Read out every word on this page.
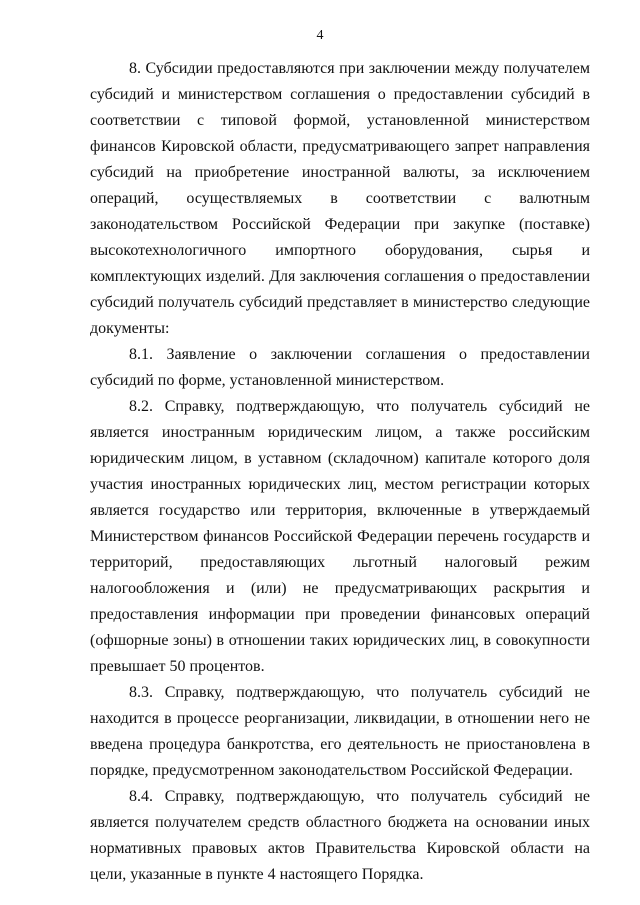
4

8. Субсидии предоставляются при заключении между получателем субсидий и министерством соглашения о предоставлении субсидий в соответствии с типовой формой, установленной министерством финансов Кировской области, предусматривающего запрет направления субсидий на приобретение иностранной валюты, за исключением операций, осуществляемых в соответствии с валютным законодательством Российской Федерации при закупке (поставке) высокотехнологичного импортного оборудования, сырья и комплектующих изделий. Для заключения соглашения о предоставлении субсидий получатель субсидий представляет в министерство следующие документы:

8.1. Заявление о заключении соглашения о предоставлении субсидий по форме, установленной министерством.

8.2. Справку, подтверждающую, что получатель субсидий не является иностранным юридическим лицом, а также российским юридическим лицом, в уставном (складочном) капитале которого доля участия иностранных юридических лиц, местом регистрации которых является государство или территория, включенные в утверждаемый Министерством финансов Российской Федерации перечень государств и территорий, предоставляющих льготный налоговый режим налогообложения и (или) не предусматривающих раскрытия и предоставления информации при проведении финансовых операций (офшорные зоны) в отношении таких юридических лиц, в совокупности превышает 50 процентов.

8.3. Справку, подтверждающую, что получатель субсидий не находится в процессе реорганизации, ликвидации, в отношении него не введена процедура банкротства, его деятельность не приостановлена в порядке, предусмотренном законодательством Российской Федерации.

8.4. Справку, подтверждающую, что получатель субсидий не является получателем средств областного бюджета на основании иных нормативных правовых актов Правительства Кировской области на цели, указанные в пункте 4 настоящего Порядка.
